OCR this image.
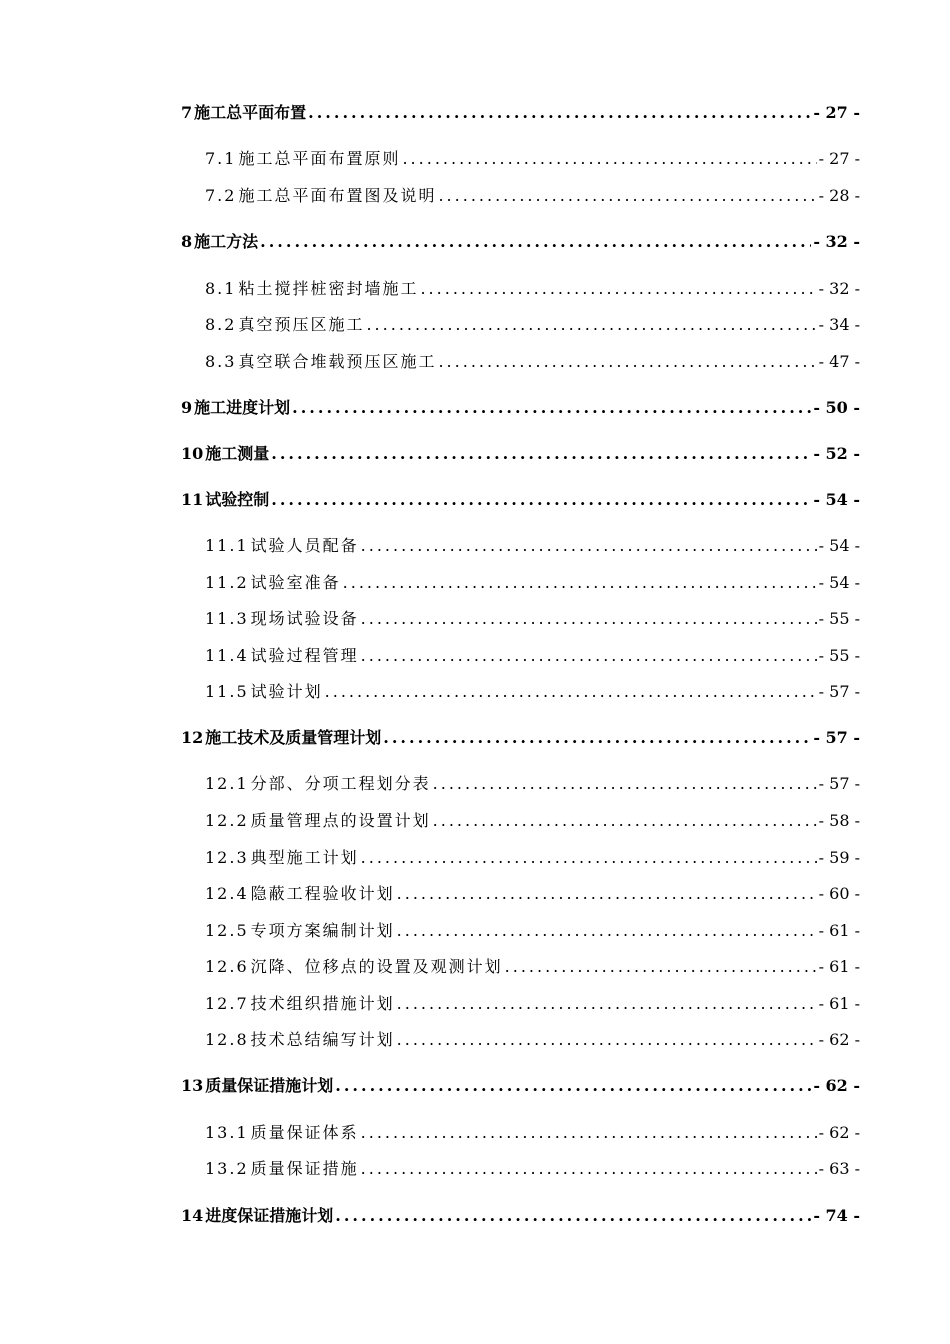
7 施工总平面布置 .....	- 27 -
7.1 施工总平面布置原则 .....	- 27 -
7.2 施工总平面布置图及说明 .....	- 28 -
8 施工方法 .....	- 32 -
8.1 粘土搅拌桩密封墙施工 .....	- 32 -
8.2 真空预压区施工 .....	- 34 -
8.3 真空联合堆载预压区施工 .....	- 47 -
9 施工进度计划 .....	- 50 -
10 施工测量 .....	- 52 -
11 试验控制 .....	- 54 -
11.1 试验人员配备 .....	- 54 -
11.2 试验室准备 .....	- 54 -
11.3 现场试验设备 .....	- 55 -
11.4 试验过程管理 .....	- 55 -
11.5 试验计划 .....	- 57 -
12 施工技术及质量管理计划 .....	- 57 -
12.1 分部、分项工程划分表 .....	- 57 -
12.2 质量管理点的设置计划 .....	- 58 -
12.3 典型施工计划 .....	- 59 -
12.4 隐蔽工程验收计划 .....	- 60 -
12.5 专项方案编制计划 .....	- 61 -
12.6 沉降、位移点的设置及观测计划 .....	- 61 -
12.7 技术组织措施计划 .....	- 61 -
12.8 技术总结编写计划 .....	- 62 -
13 质量保证措施计划 .....	- 62 -
13.1 质量保证体系 .....	- 62 -
13.2 质量保证措施 .....	- 63 -
14 进度保证措施计划 .....	- 74 -
